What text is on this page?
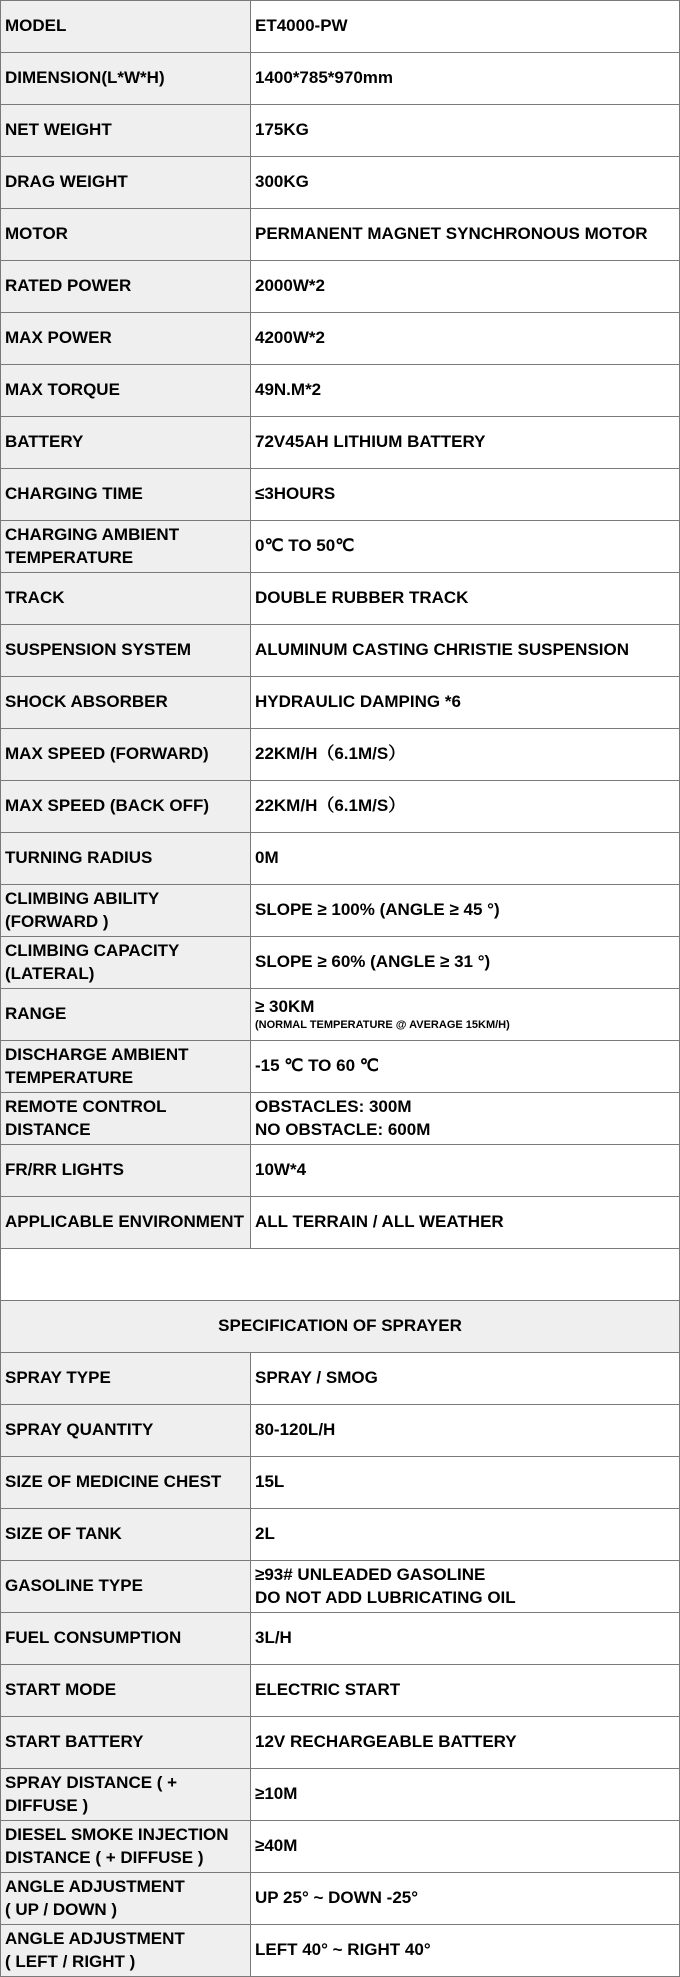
MODEL	ET4000-PW

DIMENSION(L*W*H)	1400*785*970mm

NET WEIGHT	175KG

DRAG WEIGHT	300KG

MOTOR	PERMANENT MAGNET SYNCHRONOUS MOTOR

RATED POWER	2000W*2

MAX POWER	4200W*2

MAX TORQUE	49N.M*2

BATTERY	72V45AH LITHIUM BATTERY

CHARGING TIME	≤3HOURS

CHARGING AMBIENT
TEMPERATURE	0℃ TO 50℃

TRACK	DOUBLE RUBBER TRACK

SUSPENSION SYSTEM	ALUMINUM CASTING CHRISTIE SUSPENSION

SHOCK ABSORBER	HYDRAULIC DAMPING *6

MAX SPEED (FORWARD)	22KM/H（6.1M/S）

MAX SPEED (BACK OFF)	22KM/H（6.1M/S）

TURNING RADIUS	0M

CLIMBING ABILITY
(FORWARD )	SLOPE ≥ 100% (ANGLE ≥ 45 °)

CLIMBING CAPACITY
(LATERAL)	SLOPE ≥ 60% (ANGLE ≥ 31 °)

RANGE	≥ 30KM
(NORMAL TEMPERATURE @ AVERAGE 15KM/H)

DISCHARGE AMBIENT
TEMPERATURE	-15 ℃ TO 60 ℃

REMOTE CONTROL
DISTANCE	OBSTACLES: 300M
NO OBSTACLE: 600M

FR/RR LIGHTS	10W*4

APPLICABLE ENVIRONMENT	ALL TERRAIN / ALL WEATHER

SPECIFICATION OF SPRAYER	

SPRAY TYPE	SPRAY / SMOG

SPRAY QUANTITY	80-120L/H

SIZE OF MEDICINE CHEST	15L

SIZE OF TANK	2L

GASOLINE TYPE	≥93# UNLEADED GASOLINE
DO NOT ADD LUBRICATING OIL

FUEL CONSUMPTION	3L/H

START MODE	ELECTRIC START

START BATTERY	12V RECHARGEABLE BATTERY

SPRAY DISTANCE ( +
DIFFUSE )	≥10M

DIESEL SMOKE INJECTION
DISTANCE ( + DIFFUSE )	≥40M

ANGLE ADJUSTMENT
( UP / DOWN )	UP 25° ~ DOWN -25°

ANGLE ADJUSTMENT
( LEFT / RIGHT )	LEFT 40° ~ RIGHT 40°
